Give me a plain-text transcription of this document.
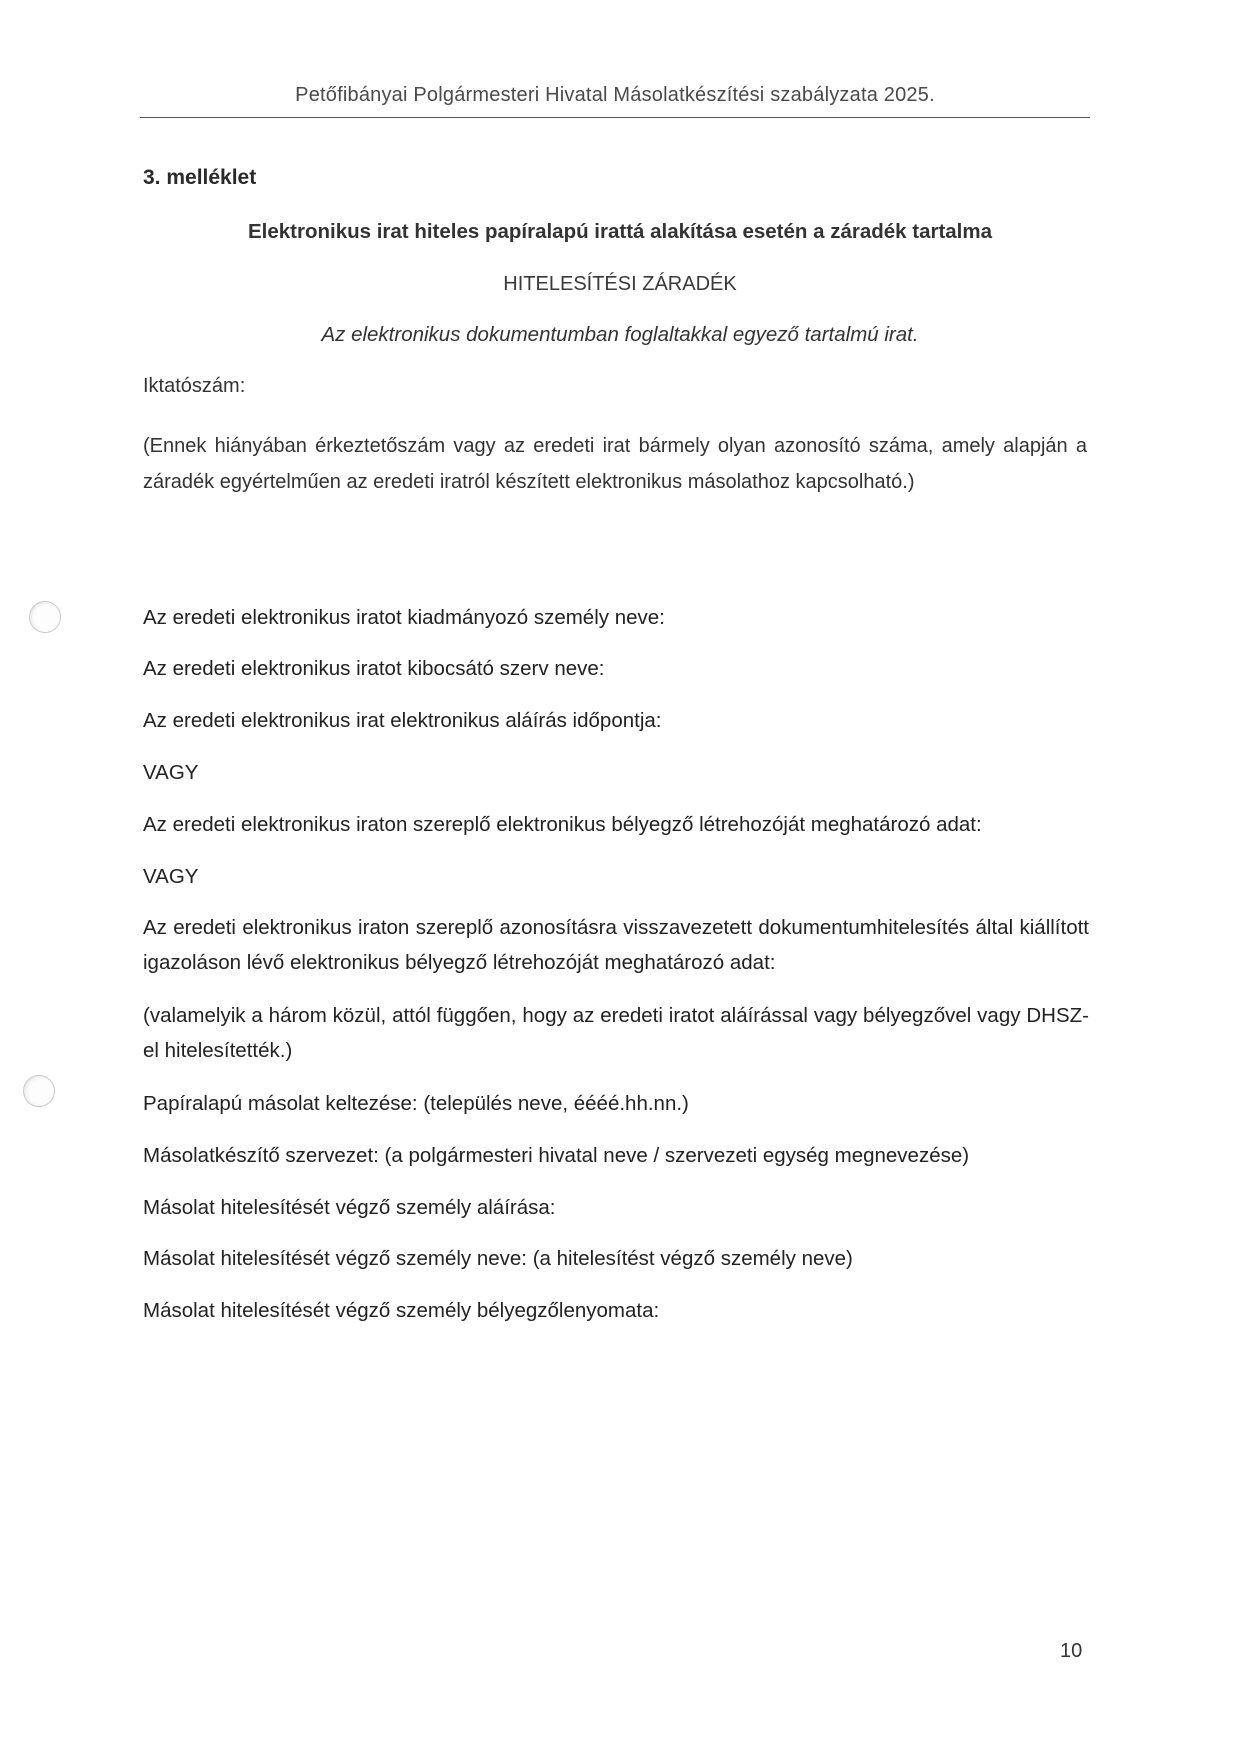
Petőfibányai Polgármesteri Hivatal Másolatkészítési szabályzata 2025.
3. melléklet
Elektronikus irat hiteles papíralapú irattá alakítása esetén a záradék tartalma
HITELESÍTÉSI ZÁRADÉK
Az elektronikus dokumentumban foglaltakkal egyező tartalmú irat.
Iktatószám:
(Ennek hiányában érkeztetőszám vagy az eredeti irat bármely olyan azonosító száma, amely alapján a záradék egyértelműen az eredeti iratról készített elektronikus másolathoz kapcsolható.)
Az eredeti elektronikus iratot kiadmányozó személy neve:
Az eredeti elektronikus iratot kibocsátó szerv neve:
Az eredeti elektronikus irat elektronikus aláírás időpontja:
VAGY
Az eredeti elektronikus iraton szereplő elektronikus bélyegző létrehozóját meghatározó adat:
VAGY
Az eredeti elektronikus iraton szereplő azonosításra visszavezetett dokumentumhitelesítés által kiállított igazoláson lévő elektronikus bélyegző létrehozóját meghatározó adat:
(valamelyik a három közül, attól függően, hogy az eredeti iratot aláírással vagy bélyegzővel vagy DHSZ-el hitelesítették.)
Papíralapú másolat keltezése: (település neve, éééé.hh.nn.)
Másolatkészítő szervezet: (a polgármesteri hivatal neve / szervezeti egység megnevezése)
Másolat hitelesítését végző személy aláírása:
Másolat hitelesítését végző személy neve: (a hitelesítést végző személy neve)
Másolat hitelesítését végző személy bélyegzőlenyomata:
10
